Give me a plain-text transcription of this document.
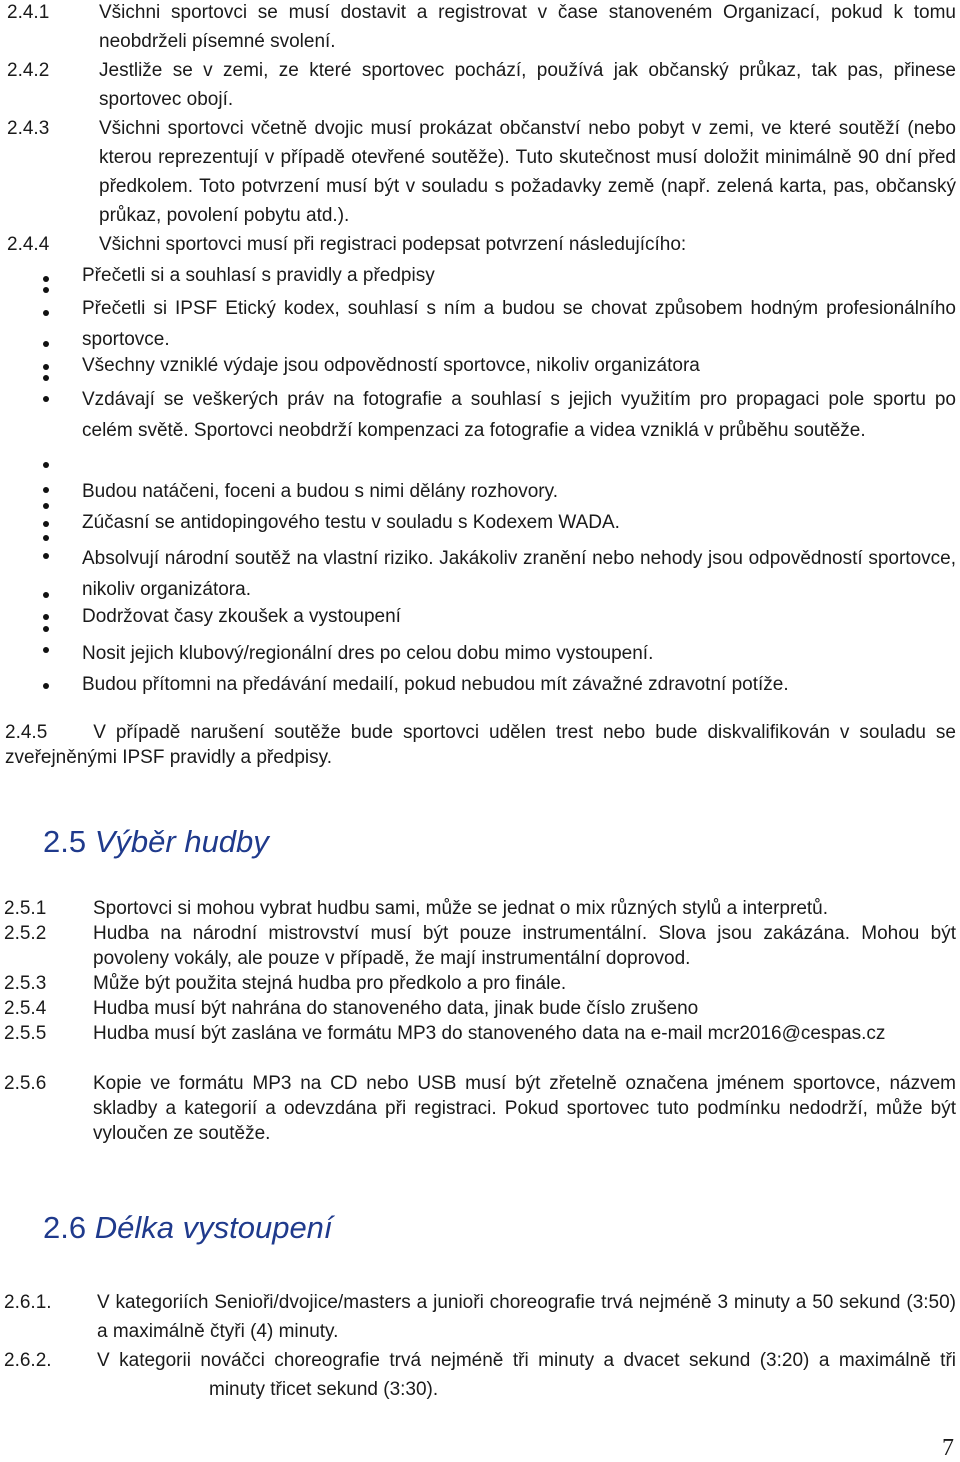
2.4.1	Všichni sportovci se musí dostavit a registrovat v čase stanoveném Organizací, pokud k tomu neobdrželi písemné svolení.
2.4.2	Jestliže se v zemi, ze které sportovec pochází, používá jak občanský průkaz, tak pas, přinese sportovec obojí.
2.4.3	Všichni sportovci včetně dvojic musí prokázat občanství nebo pobyt v zemi, ve které soutěží (nebo kterou reprezentují v případě otevřené soutěže). Tuto skutečnost musí doložit minimálně 90 dní před předkolem. Toto potvrzení musí být v souladu s požadavky země (např. zelená karta, pas, občanský průkaz, povolení pobytu atd.).
2.4.4	Všichni sportovci musí při registraci podepsat potvrzení následujícího:
Přečetli si a souhlasí s pravidly a předpisy
Přečetli si IPSF Etický kodex, souhlasí s ním a budou se chovat způsobem hodným profesionálního sportovce.
Všechny vzniklé výdaje jsou odpovědností sportovce, nikoliv organizátora
Vzdávají se veškerých práv na fotografie a souhlasí s jejich využitím pro propagaci pole sportu po celém světě. Sportovci neobdrží kompenzaci za fotografie a videa vzniklá v průběhu soutěže.
Budou natáčeni, foceni a budou s nimi dělány rozhovory.
Zúčasní se antidopingového testu v souladu s Kodexem WADA.
Absolvují národní soutěž na vlastní riziko. Jakákoliv zranění nebo nehody jsou odpovědností sportovce, nikoliv organizátora.
Dodržovat časy zkoušek a vystoupení
Nosit jejich klubový/regionální dres po celou dobu mimo vystoupení.
Budou přítomni na předávání medailí, pokud nebudou mít závažné zdravotní potíže.
2.4.5 V případě narušení soutěže bude sportovci udělen trest nebo bude diskvalifikován v souladu se zveřejněnými IPSF pravidly a předpisy.
2.5 Výběr hudby
2.5.1 Sportovci si mohou vybrat hudbu sami, může se jednat o mix různých stylů a interpretů.
2.5.2 Hudba na národní mistrovství musí být pouze instrumentální. Slova jsou zakázána. Mohou být povoleny vokály, ale pouze v případě, že mají instrumentální doprovod.
2.5.3 Může být použita stejná hudba pro předkolo a pro finále.
2.5.4 Hudba musí být nahrána do stanoveného data, jinak bude číslo zrušeno
2.5.5 Hudba musí být zaslána ve formátu MP3 do stanoveného data na e-mail mcr2016@cespas.cz
2.5.6 Kopie ve formátu MP3 na CD nebo USB musí být zřetelně označena jménem sportovce, názvem skladby a kategorií a odevzdána při registraci. Pokud sportovec tuto podmínku nedodrží, může být vyloučen ze soutěže.
2.6 Délka vystoupení
2.6.1. V kategoriích Senioři/dvojice/masters a junioři choreografie trvá nejméně 3 minuty a 50 sekund (3:50) a maximálně čtyři (4) minuty.
2.6.2. V kategorii nováčci choreografie trvá nejméně tři minuty a dvacet sekund (3:20) a maximálně tři minuty třicet sekund (3:30).
7
